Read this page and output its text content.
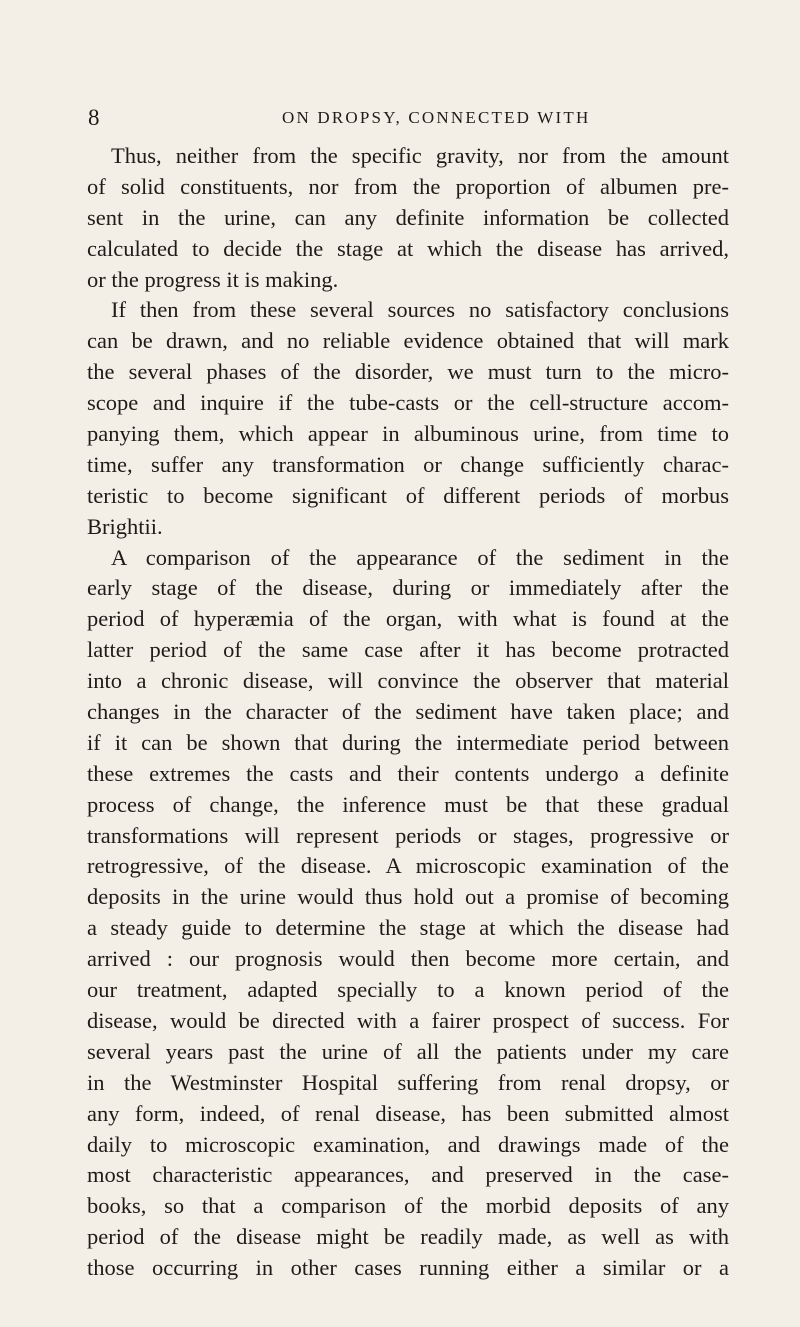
8	ON DROPSY, CONNECTED WITH
Thus, neither from the specific gravity, nor from the amount
of solid constituents, nor from the proportion of albumen pre-
sent in the urine, can any definite information be collected
calculated to decide the stage at which the disease has arrived,
or the progress it is making.
If then from these several sources no satisfactory conclusions
can be drawn, and no reliable evidence obtained that will mark
the several phases of the disorder, we must turn to the micro-
scope and inquire if the tube-casts or the cell-structure accom-
panying them, which appear in albuminous urine, from time to
time, suffer any transformation or change sufficiently charac-
teristic to become significant of different periods of morbus
Brightii.
A comparison of the appearance of the sediment in the
early stage of the disease, during or immediately after the
period of hyperæmia of the organ, with what is found at the
latter period of the same case after it has become protracted
into a chronic disease, will convince the observer that material
changes in the character of the sediment have taken place; and
if it can be shown that during the intermediate period between
these extremes the casts and their contents undergo a definite
process of change, the inference must be that these gradual
transformations will represent periods or stages, progressive or
retrogressive, of the disease. A microscopic examination of the
deposits in the urine would thus hold out a promise of becoming
a steady guide to determine the stage at which the disease had
arrived : our prognosis would then become more certain, and
our treatment, adapted specially to a known period of the
disease, would be directed with a fairer prospect of success. For
several years past the urine of all the patients under my care
in the Westminster Hospital suffering from renal dropsy, or
any form, indeed, of renal disease, has been submitted almost
daily to microscopic examination, and drawings made of the
most characteristic appearances, and preserved in the case-
books, so that a comparison of the morbid deposits of any
period of the disease might be readily made, as well as with
those occurring in other cases running either a similar or a
